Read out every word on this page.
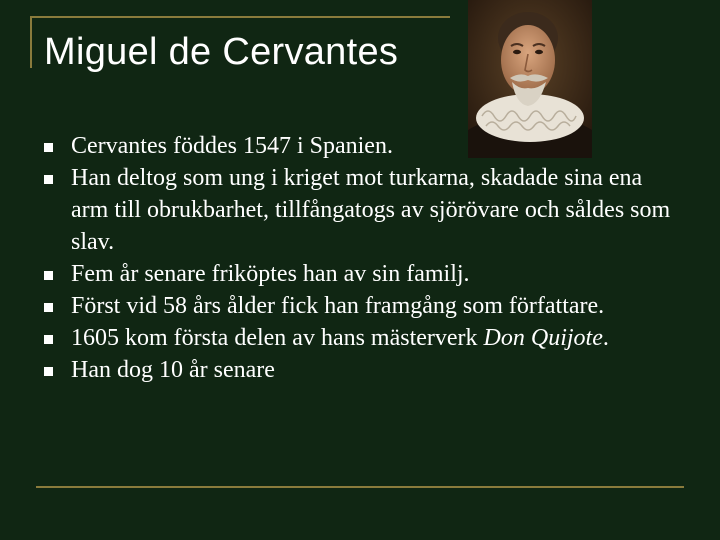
Miguel de Cervantes
Cervantes föddes 1547 i Spanien.
Han deltog som ung i kriget mot turkarna, skadade sina ena arm till obrukbarhet, tillfångatogs av sjörövare och såldes som slav.
Fem år senare friköptes han av sin familj.
Först vid 58 års ålder fick han framgång som författare.
1605 kom första delen av hans mästerverk Don Quijote.
Han dog 10 år senare
